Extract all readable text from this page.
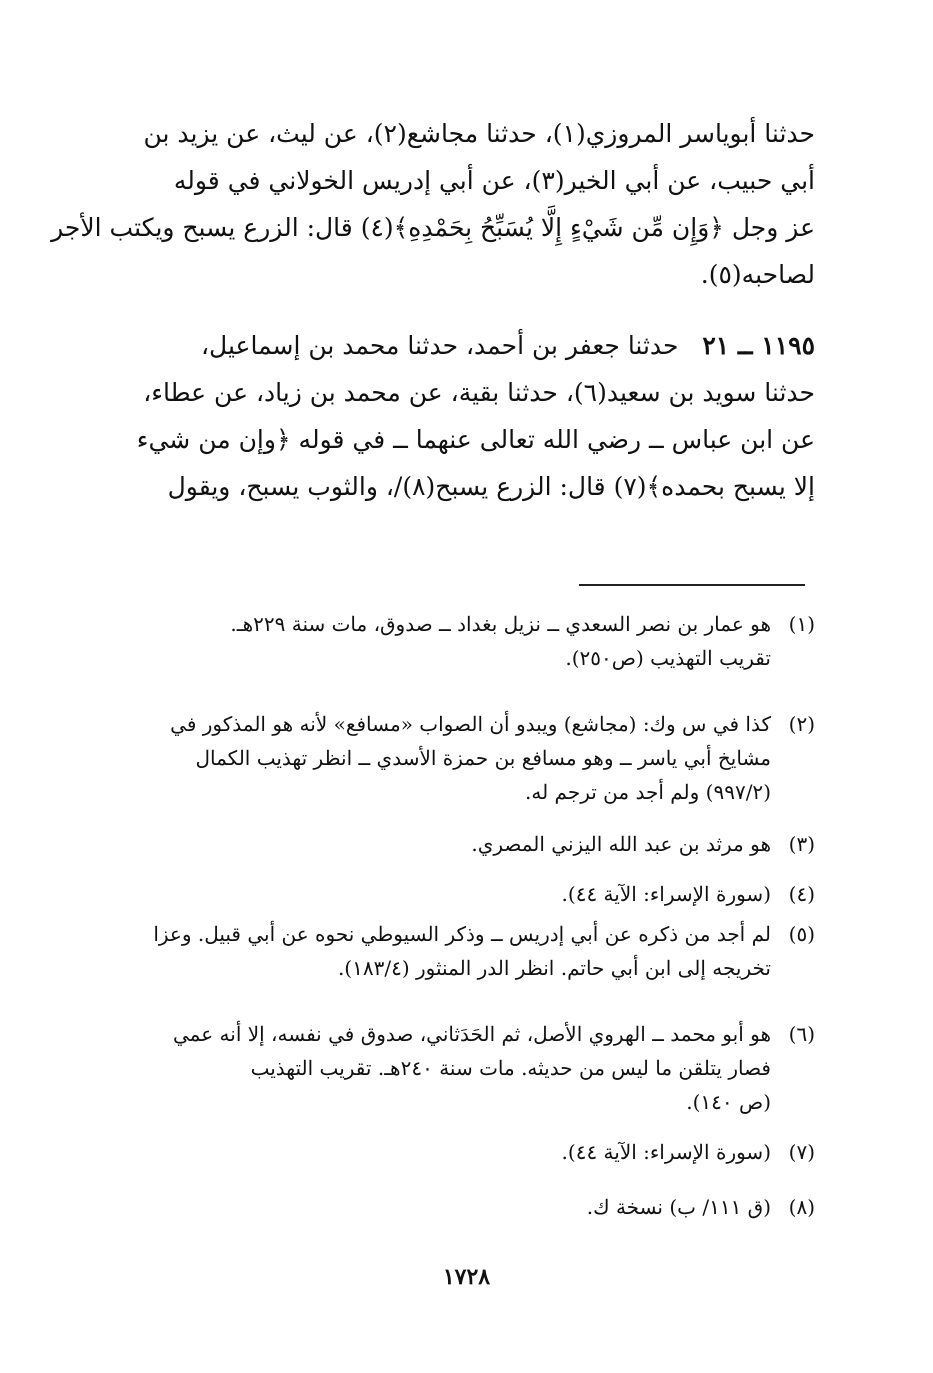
حدثنا أبوياسر المروزي(١)، حدثنا مجاشع(٢)، عن ليث، عن يزيد بن
أبي حبيب، عن أبي الخير(٣)، عن أبي إدريس الخولاني في قوله
عز وجل ﴿وَإِن مِّن شَيْءٍ إِلَّا يُسَبِّحُ بِحَمْدِهِ﴾(٤) قال: الزرع يسبح ويكتب الأجر
لصاحبه(٥).

١١٩٥ ــ ٢١   حدثنا جعفر بن أحمد، حدثنا محمد بن إسماعيل،
حدثنا سويد بن سعيد(٦)، حدثنا بقية، عن محمد بن زياد، عن عطاء،
عن ابن عباس ــ رضي الله تعالى عنهما ــ في قوله ﴿وإن من شيء
إلا يسبح بحمده﴾(٧) قال: الزرع يسبح(٨)/، والثوب يسبح، ويقول

(١)هو عمار بن نصر السعدي ــ نزيل بغداد ــ صدوق، مات سنة ٢٢٩هـ.
تقريب التهذيب (ص٢٥٠).
(٢)كذا في س وك: (مجاشع) ويبدو أن الصواب «مسافع» لأنه هو المذكور في
مشايخ أبي ياسر ــ وهو مسافع بن حمزة الأسدي ــ انظر تهذيب الكمال
(٩٩٧/٢) ولم أجد من ترجم له.
(٣)هو مرثد بن عبد الله اليزني المصري.
(٤)(سورة الإسراء: الآية ٤٤).
(٥)لم أجد من ذكره عن أبي إدريس ــ وذكر السيوطي نحوه عن أبي قبيل. وعزا
تخريجه إلى ابن أبي حاتم. انظر الدر المنثور (١٨٣/٤).
(٦)هو أبو محمد ــ الهروي الأصل، ثم الحَدَثاني، صدوق في نفسه، إلا أنه عمي
فصار يتلقن ما ليس من حديثه. مات سنة ٢٤٠هـ. تقريب التهذيب
(ص ١٤٠).
(٧)(سورة الإسراء: الآية ٤٤).
(٨)(ق ١١١/ ب) نسخة ك.
١٧٢٨
